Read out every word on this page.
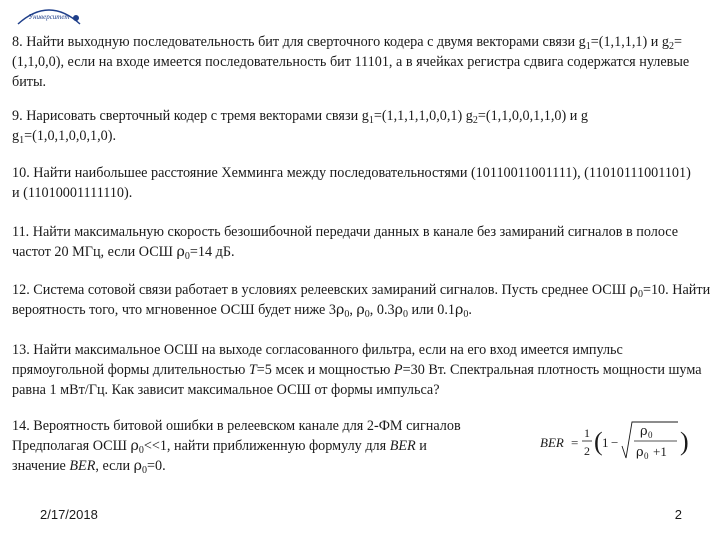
Университет

8. Найти выходную последовательность бит для сверточного кодера с двумя векторами связи $g_1=(1,1,1,1)$ и $g_2=(1,1,0,0)$, если на входе имеется последовательность бит 11101, а в ячейках регистра сдвига содержатся нулевые биты.

9. Нарисовать сверточный кодер с тремя векторами связи $g_1=(1,1,1,1,0,0,1)$ $g_2=(1,1,0,0,1,1,0)$ и g
$g_1=(1,0,1,0,0,1,0)$.

10. Найти наибольшее расстояние Хемминга между последовательностями (10110011001111), (11010111001101) и (11010001111110).

11. Найти максимальную скорость безошибочной передачи данных в канале без замираний сигналов в полосе частот 20 МГц, если ОСШ $\rho_0=14$ дБ.

12. Система сотовой связи работает в условиях релеевских замираний сигналов. Пусть среднее ОСШ $\rho_0=10$. Найти вероятность того, что мгновенное ОСШ будет ниже $3\rho_0$, $\rho_0$, $0.3\rho_0$ или $0.1\rho_0$.

13. Найти максимальное ОСШ на выходе согласованного фильтра, если на его вход имеется импульс прямоугольной формы длительностью T=5 мсек и мощностью P=30 Вт. Спектральная плотность мощности шума равна 1 мВт/Гц. Как зависит максимальное ОСШ от формы импульса?

14. Вероятность битовой ошибки в релеевском канале для 2-ФМ сигналов
Предполагая ОСШ $\rho_0<<1$, найти приближенную формулу для BER и
значение BER, если $\rho_0=0$.

BER =
1
2 ( 1 −
ρ 0
ρ 0 +1 )
2/17/2018	2
